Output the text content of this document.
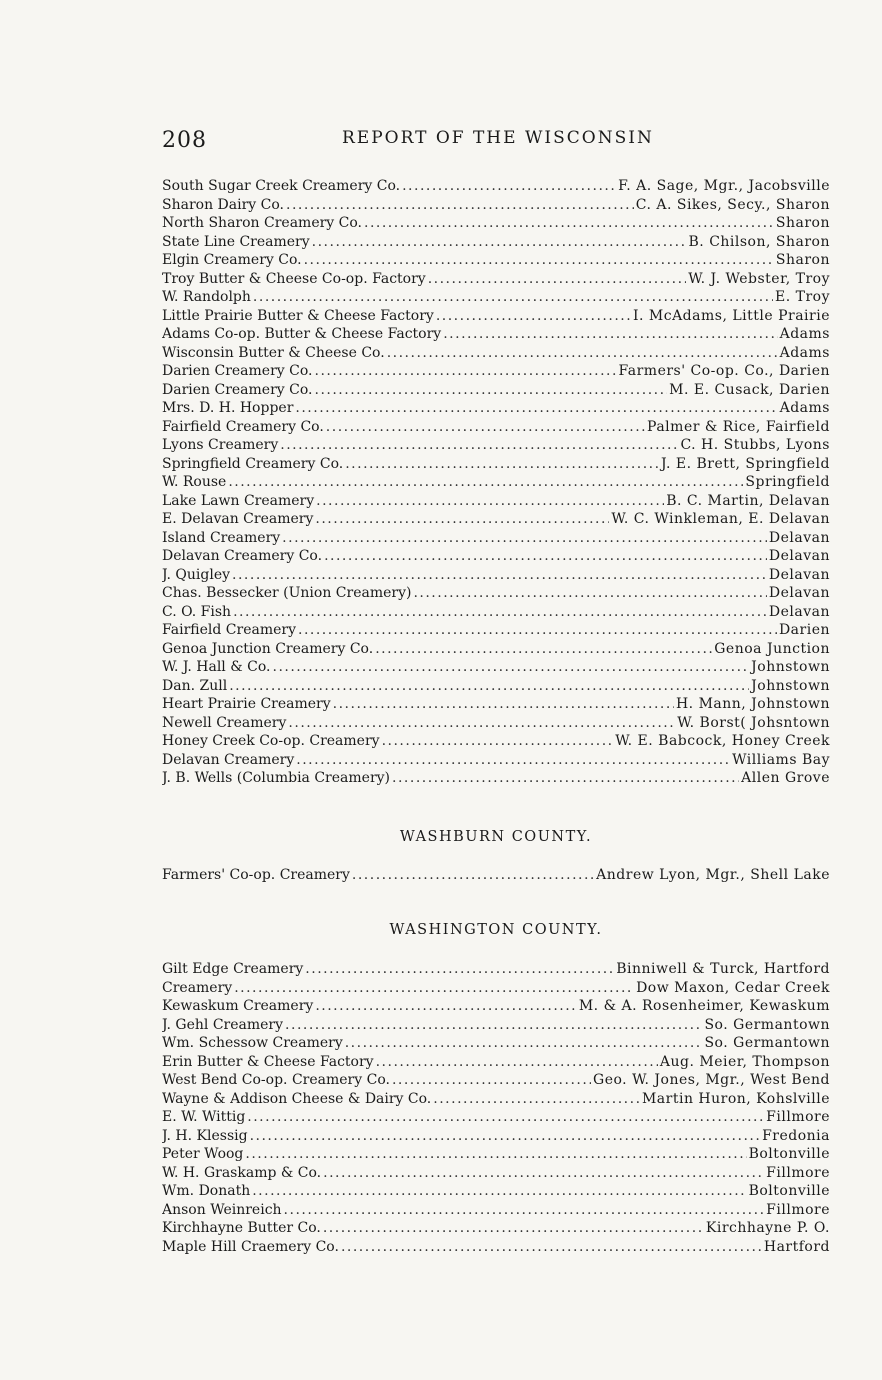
208	REPORT OF THE WISCONSIN
South Sugar Creek Creamery Co. .....	F. A. Sage, Mgr., Jacobsville
Sharon Dairy Co. .....	C. A. Sikes, Secy., Sharon
North Sharon Creamery Co. .....	Sharon
State Line Creamery .....	B. Chilson, Sharon
Elgin Creamery Co. .....	Sharon
Troy Butter & Cheese Co-op. Factory .....	W. J. Webster, Troy
W. Randolph .....	E. Troy
Little Prairie Butter & Cheese Factory .....	I. McAdams, Little Prairie
Adams Co-op. Butter & Cheese Factory .....	Adams
Wisconsin Butter & Cheese Co. .....	Adams
Darien Creamery Co. .....	Farmers' Co-op. Co., Darien
Darien Creamery Co. .....	M. E. Cusack, Darien
Mrs. D. H. Hopper .....	Adams
Fairfield Creamery Co. .....	Palmer & Rice, Fairfield
Lyons Creamery .....	C. H. Stubbs, Lyons
Springfield Creamery Co. .....	J. E. Brett, Springfield
W. Rouse .....	Springfield
Lake Lawn Creamery .....	B. C. Martin, Delavan
E. Delavan Creamery .....	W. C. Winkleman, E. Delavan
Island Creamery .....	Delavan
Delavan Creamery Co. .....	Delavan
J. Quigley .....	Delavan
Chas. Bessecker (Union Creamery) .....	Delavan
C. O. Fish .....	Delavan
Fairfield Creamery .....	Darien
Genoa Junction Creamery Co. .....	Genoa Junction
W. J. Hall & Co. .....	Johnstown
Dan. Zull .....	Johnstown
Heart Prairie Creamery .....	H. Mann, Johnstown
Newell Creamery .....	W. Borst( Johsntown
Honey Creek Co-op. Creamery .....	W. E. Babcock, Honey Creek
Delavan Creamery .....	Williams Bay
J. B. Wells (Columbia Creamery) .....	Allen Grove
WASHBURN COUNTY.
Farmers' Co-op. Creamery .....	Andrew Lyon, Mgr., Shell Lake
WASHINGTON COUNTY.
Gilt Edge Creamery .....	Binniwell & Turck, Hartford
Creamery .....	Dow Maxon, Cedar Creek
Kewaskum Creamery .....	M. & A. Rosenheimer, Kewaskum
J. Gehl Creamery .....	So. Germantown
Wm. Schessow Creamery .....	So. Germantown
Erin Butter & Cheese Factory .....	Aug. Meier, Thompson
West Bend Co-op. Creamery Co. .....	Geo. W. Jones, Mgr., West Bend
Wayne & Addison Cheese & Dairy Co. .....	Martin Huron, Kohslville
E. W. Wittig .....	Fillmore
J. H. Klessig .....	Fredonia
Peter Woog .....	Boltonville
W. H. Graskamp & Co. .....	Fillmore
Wm. Donath .....	Boltonville
Anson Weinreich .....	Fillmore
Kirchhayne Butter Co. .....	Kirchhayne P. O.
Maple Hill Craemery Co. .....	Hartford
